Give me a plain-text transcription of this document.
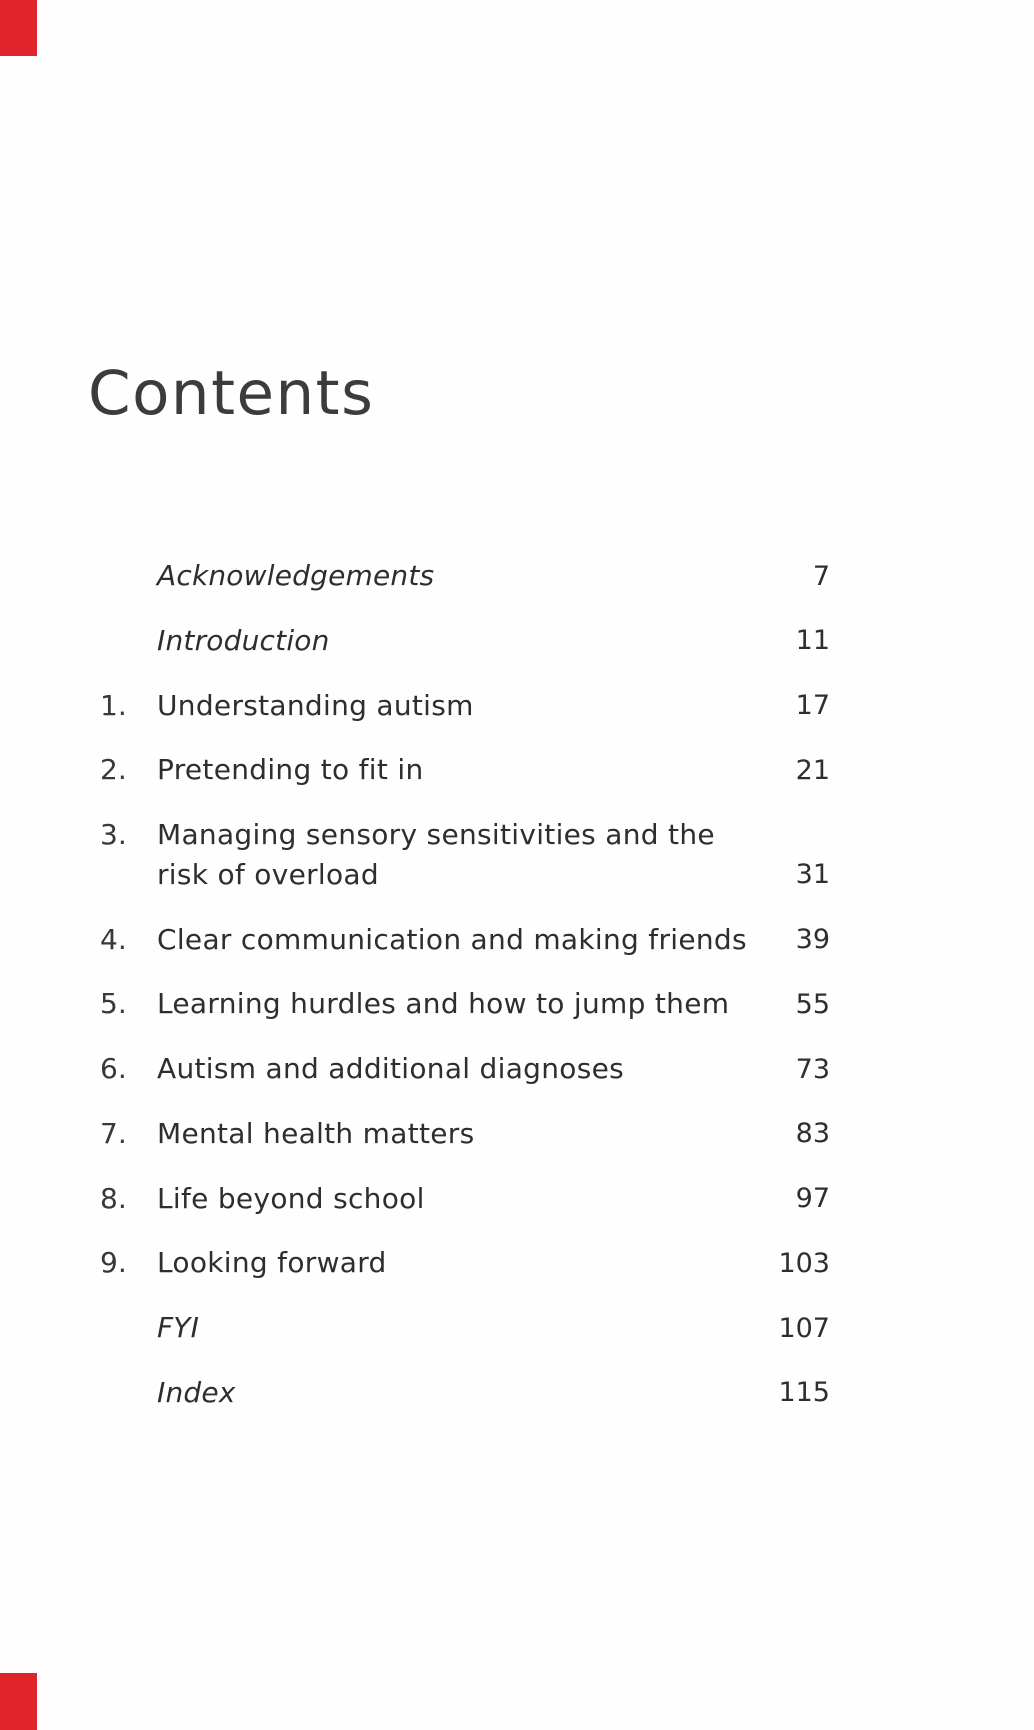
Contents
Acknowledgements	7
Introduction	11
1.	Understanding autism	17
2.	Pretending to fit in	21
3.	Managing sensory sensitivities and the risk of overload	31
4.	Clear communication and making friends	39
5.	Learning hurdles and how to jump them	55
6.	Autism and additional diagnoses	73
7.	Mental health matters	83
8.	Life beyond school	97
9.	Looking forward	103
FYI	107
Index	115
